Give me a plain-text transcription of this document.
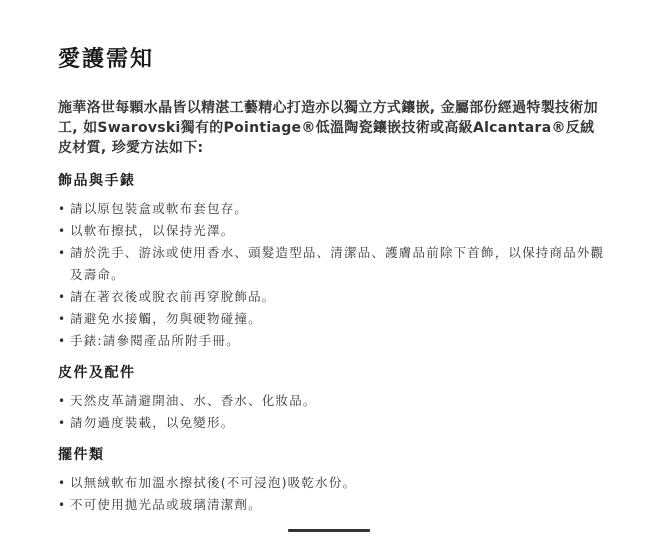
愛護需知

施華洛世每顆水晶皆以精湛工藝精心打造亦以獨立方式鑲嵌, 金屬部份經過特製技術加工, 如Swarovski獨有的Pointiage®低溫陶瓷鑲嵌技術或高級Alcantara®反絨皮材質, 珍愛方法如下:

飾品與手錶
• 請以原包裝盒或軟布套包存。
• 以軟布擦拭，以保持光澤。
• 請於洗手、游泳或使用香水、頭髮造型品、清潔品、護膚品前除下首飾，以保持商品外觀及壽命。
• 請在著衣後或脫衣前再穿脫飾品。
• 請避免水接觸，勿與硬物碰撞。
• 手錶:請參閱產品所附手冊。
皮件及配件
• 天然皮革請避開油、水、香水、化妝品。
• 請勿過度裝載，以免變形。
擺件類
• 以無絨軟布加溫水擦拭後(不可浸泡)吸乾水份。
• 不可使用拋光品或玻璃清潔劑。
